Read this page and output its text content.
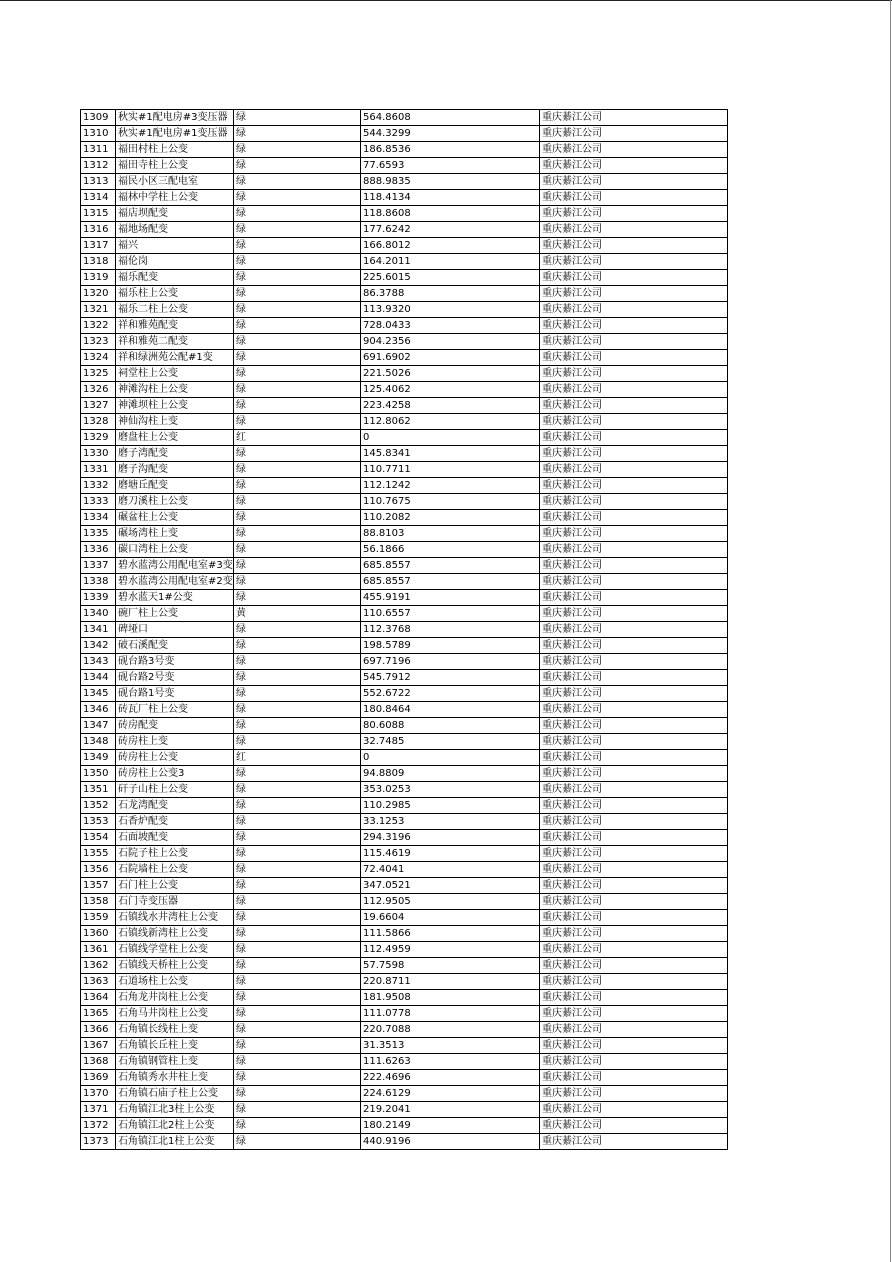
1309	秋实#1配电房#3变压器	绿	564.8608	重庆綦江公司
1310	秋实#1配电房#1变压器	绿	544.3299	重庆綦江公司
1311	福田村柱上公变	绿	186.8536	重庆綦江公司
1312	福田寺柱上公变	绿	77.6593	重庆綦江公司
1313	福民小区三配电室	绿	888.9835	重庆綦江公司
1314	福林中学柱上公变	绿	118.4134	重庆綦江公司
1315	福店坝配变	绿	118.8608	重庆綦江公司
1316	福地场配变	绿	177.6242	重庆綦江公司
1317	福兴	绿	166.8012	重庆綦江公司
1318	福伦岗	绿	164.2011	重庆綦江公司
1319	福乐配变	绿	225.6015	重庆綦江公司
1320	福乐柱上公变	绿	86.3788	重庆綦江公司
1321	福乐二柱上公变	绿	113.9320	重庆綦江公司
1322	祥和雅苑配变	绿	728.0433	重庆綦江公司
1323	祥和雅苑二配变	绿	904.2356	重庆綦江公司
1324	祥和绿洲苑公配#1变	绿	691.6902	重庆綦江公司
1325	祠堂柱上公变	绿	221.5026	重庆綦江公司
1326	神滩沟柱上公变	绿	125.4062	重庆綦江公司
1327	神滩坝柱上公变	绿	223.4258	重庆綦江公司
1328	神仙沟柱上变	绿	112.8062	重庆綦江公司
1329	磨盘柱上公变	红	0	重庆綦江公司
1330	磨子湾配变	绿	145.8341	重庆綦江公司
1331	磨子沟配变	绿	110.7711	重庆綦江公司
1332	磨塘丘配变	绿	112.1242	重庆綦江公司
1333	磨刀溪柱上公变	绿	110.7675	重庆綦江公司
1334	碾盆柱上公变	绿	110.2082	重庆綦江公司
1335	碾场湾柱上变	绿	88.8103	重庆綦江公司
1336	碳口湾柱上公变	绿	56.1866	重庆綦江公司
1337	碧水蓝湾公用配电室#3变	绿	685.8557	重庆綦江公司
1338	碧水蓝湾公用配电室#2变	绿	685.8557	重庆綦江公司
1339	碧水蓝天1#公变	绿	455.9191	重庆綦江公司
1340	碗厂柱上公变	黄	110.6557	重庆綦江公司
1341	碑垭口	绿	112.3768	重庆綦江公司
1342	破石溪配变	绿	198.5789	重庆綦江公司
1343	砚台路3号变	绿	697.7196	重庆綦江公司
1344	砚台路2号变	绿	545.7912	重庆綦江公司
1345	砚台路1号变	绿	552.6722	重庆綦江公司
1346	砖瓦厂柱上公变	绿	180.8464	重庆綦江公司
1347	砖房配变	绿	80.6088	重庆綦江公司
1348	砖房柱上变	绿	32.7485	重庆綦江公司
1349	砖房柱上公变	红	0	重庆綦江公司
1350	砖房柱上公变3	绿	94.8809	重庆綦江公司
1351	矸子山柱上公变	绿	353.0253	重庆綦江公司
1352	石龙湾配变	绿	110.2985	重庆綦江公司
1353	石香炉配变	绿	33.1253	重庆綦江公司
1354	石面坡配变	绿	294.3196	重庆綦江公司
1355	石院子柱上公变	绿	115.4619	重庆綦江公司
1356	石院墙柱上公变	绿	72.4041	重庆綦江公司
1357	石门柱上公变	绿	347.0521	重庆綦江公司
1358	石门寺变压器	绿	112.9505	重庆綦江公司
1359	石镇线水井湾柱上公变	绿	19.6604	重庆綦江公司
1360	石镇线新湾柱上公变	绿	111.5866	重庆綦江公司
1361	石镇线学堂柱上公变	绿	112.4959	重庆綦江公司
1362	石镇线天桥柱上公变	绿	57.7598	重庆綦江公司
1363	石道场柱上公变	绿	220.8711	重庆綦江公司
1364	石角龙井岗柱上公变	绿	181.9508	重庆綦江公司
1365	石角马井岗柱上公变	绿	111.0778	重庆綦江公司
1366	石角镇长线柱上变	绿	220.7088	重庆綦江公司
1367	石角镇长丘柱上变	绿	31.3513	重庆綦江公司
1368	石角镇钢管柱上变	绿	111.6263	重庆綦江公司
1369	石角镇秀水井柱上变	绿	222.4696	重庆綦江公司
1370	石角镇石庙子柱上公变	绿	224.6129	重庆綦江公司
1371	石角镇江北3柱上公变	绿	219.2041	重庆綦江公司
1372	石角镇江北2柱上公变	绿	180.2149	重庆綦江公司
1373	石角镇江北1柱上公变	绿	440.9196	重庆綦江公司
